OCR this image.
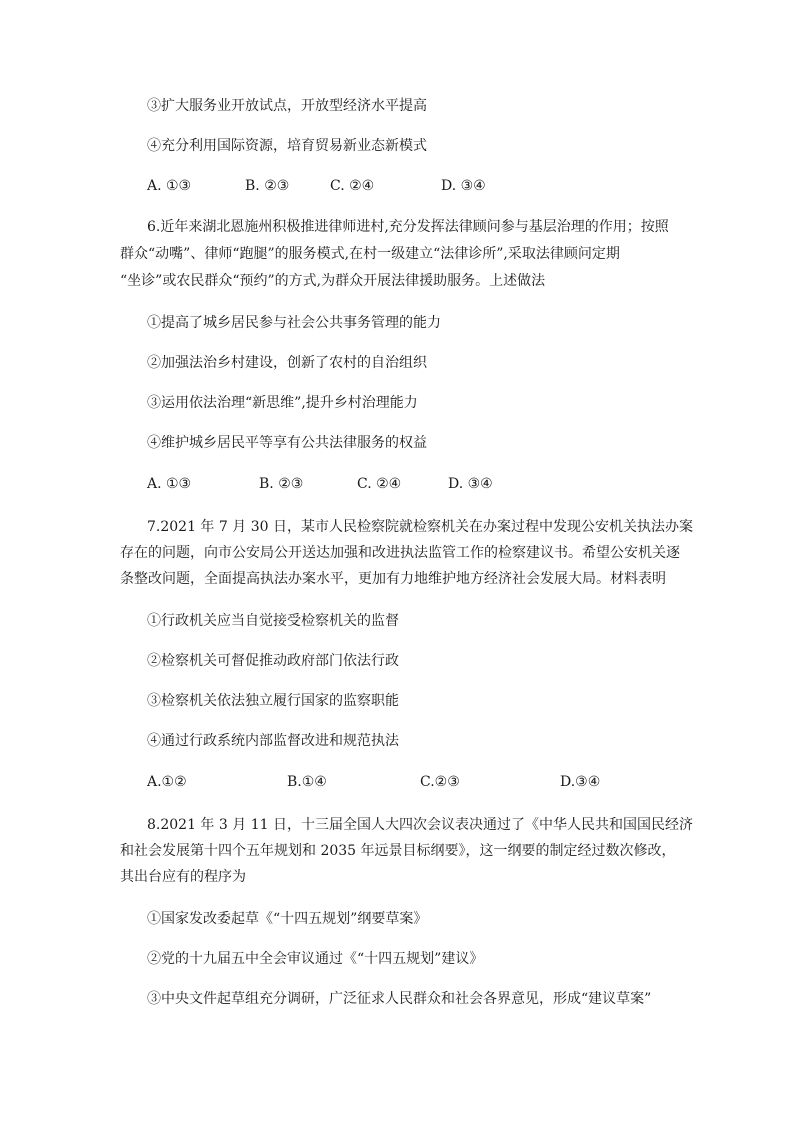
③扩大服务业开放试点，开放型经济水平提高
④充分利用国际资源，培育贸易新业态新模式
A. ①③	B. ②③	C. ②④	D. ③④
6.近年来湖北恩施州积极推进律师进村,充分发挥法律顾问参与基层治理的作用；按照
群众“动嘴”、律师“跑腿”的服务模式,在村一级建立“法律诊所”,采取法律顾问定期
“坐诊”或农民群众“预约”的方式,为群众开展法律援助服务。上述做法
①提高了城乡居民参与社会公共事务管理的能力
②加强法治乡村建设，创新了农村的自治组织
③运用依法治理“新思维”,提升乡村治理能力
④维护城乡居民平等享有公共法律服务的权益
A. ①③	B. ②③	C. ②④	D. ③④
7.2021 年 7 月 30 日，某市人民检察院就检察机关在办案过程中发现公安机关执法办案
存在的问题，向市公安局公开送达加强和改进执法监管工作的检察建议书。希望公安机关逐
条整改问题，全面提高执法办案水平，更加有力地维护地方经济社会发展大局。材料表明
①行政机关应当自觉接受检察机关的监督
②检察机关可督促推动政府部门依法行政
③检察机关依法独立履行国家的监察职能
④通过行政系统内部监督改进和规范执法
A.①②	B.①④	C.②③	D.③④
8.2021 年 3 月 11 日，十三届全国人大四次会议表决通过了《中华人民共和国国民经济
和社会发展第十四个五年规划和 2035 年远景目标纲要》，这一纲要的制定经过数次修改，
其出台应有的程序为
①国家发改委起草《“十四五规划”纲要草案》
②党的十九届五中全会审议通过《“十四五规划”建议》
③中央文件起草组充分调研，广泛征求人民群众和社会各界意见，形成“建议草案”
